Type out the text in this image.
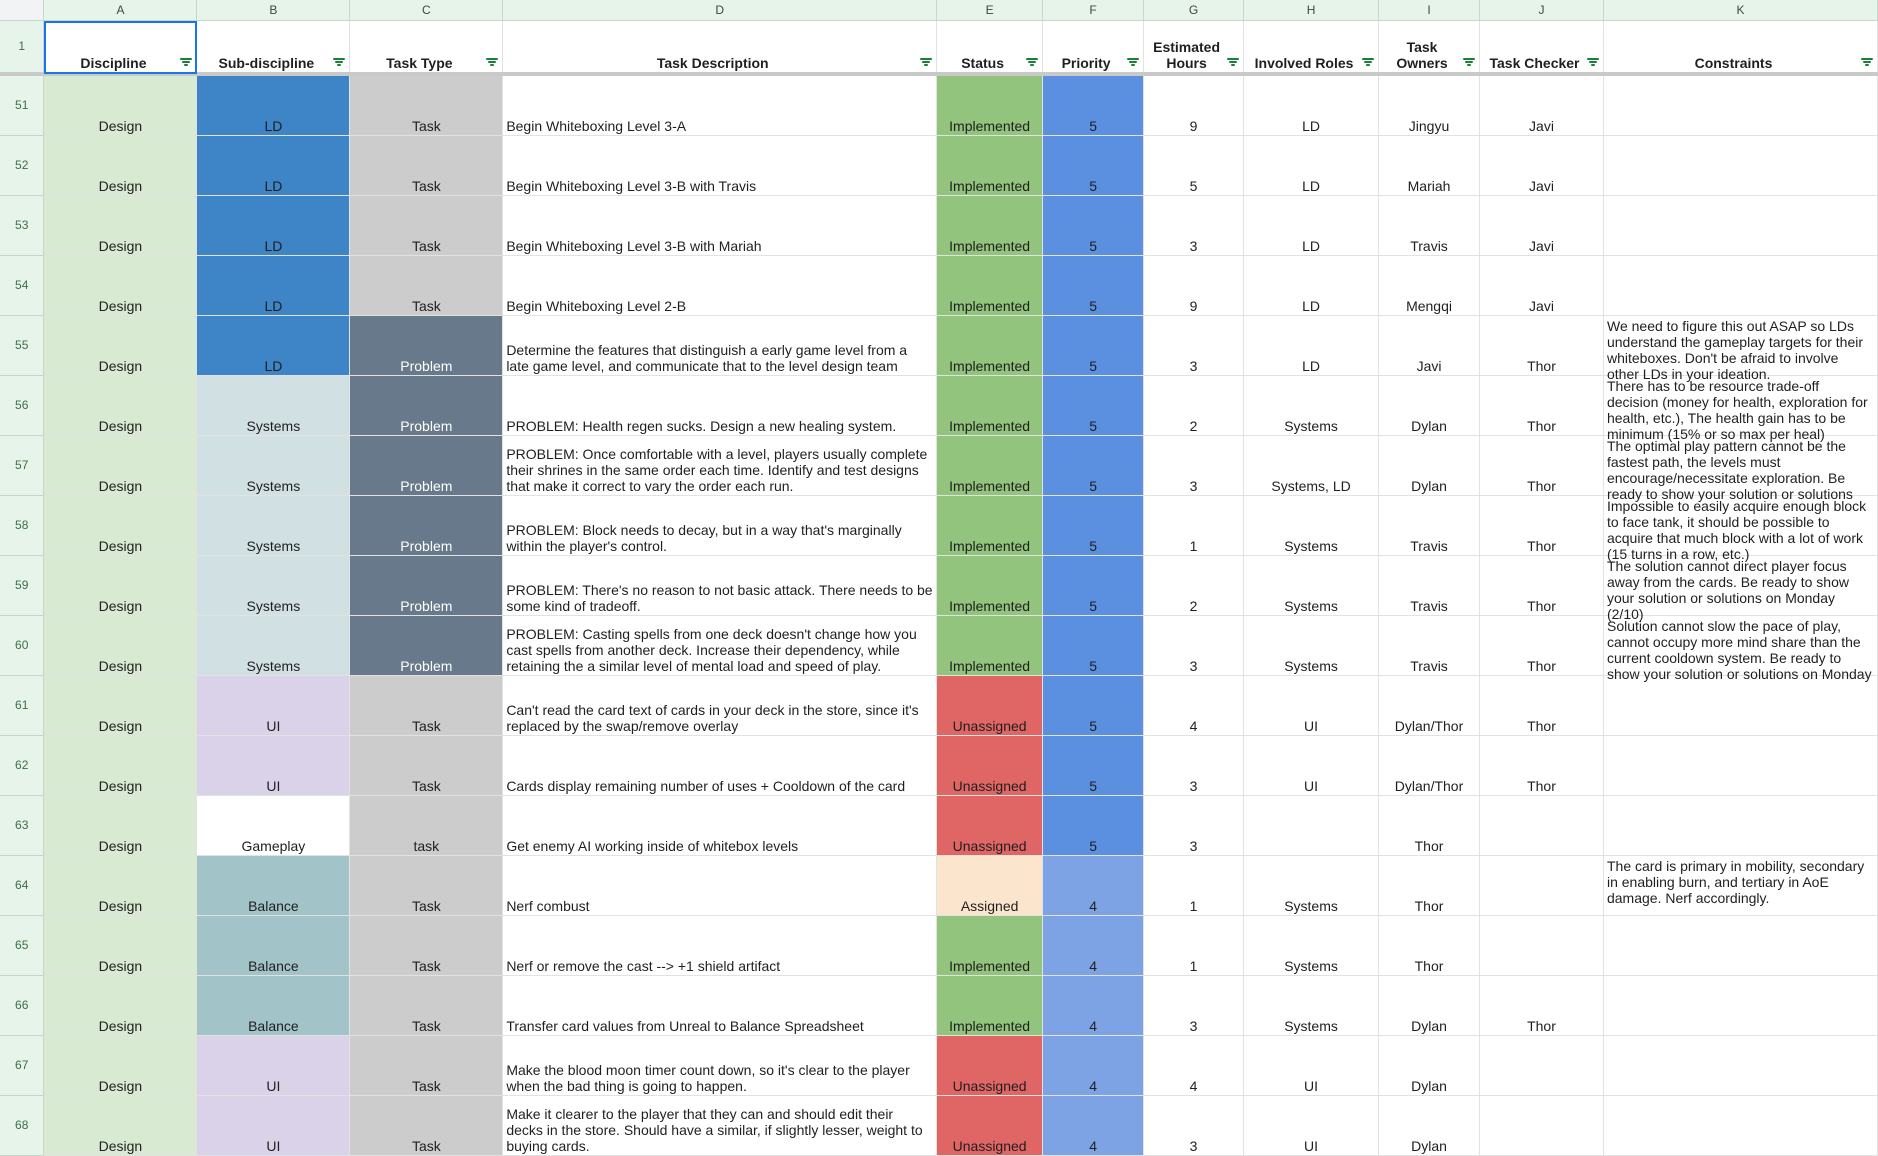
	A	B	C	D	E	F	G	H	I	J	K
1	Discipline	Sub-discipline	Task Type	Task Description	Status	Priority	Estimated Hours	Involved Roles	Task Owners	Task Checker	Constraints

51	Design	LD	Task	Begin Whiteboxing Level 3-A	Implemented	5	9	LD	Jingyu	Javi	

52	Design	LD	Task	Begin Whiteboxing Level 3-B with Travis	Implemented	5	5	LD	Mariah	Javi	

53	Design	LD	Task	Begin Whiteboxing Level 3-B with Mariah	Implemented	5	3	LD	Travis	Javi	

54	Design	LD	Task	Begin Whiteboxing Level 2-B	Implemented	5	9	LD	Mengqi	Javi	

55	Design	LD	Problem	Determine the features that distinguish a early game level from a late game level, and communicate that to the level design team	Implemented	5	3	LD	Javi	Thor	We need to figure this out ASAP so LDs understand the gameplay targets for their whiteboxes. Don't be afraid to involve other LDs in your ideation.

56	Design	Systems	Problem	PROBLEM: Health regen sucks. Design a new healing system.	Implemented	5	2	Systems	Dylan	Thor	There has to be resource trade-off decision (money for health, exploration for health, etc.), The health gain has to be minimum (15% or so max per heal)

57	Design	Systems	Problem	PROBLEM: Once comfortable with a level, players usually complete their shrines in the same order each time. Identify and test designs that make it correct to vary the order each run.	Implemented	5	3	Systems, LD	Dylan	Thor	The optimal play pattern cannot be the fastest path, the levels must encourage/necessitate exploration. Be ready to show your solution or solutions

58	Design	Systems	Problem	PROBLEM: Block needs to decay, but in a way that's marginally within the player's control.	Implemented	5	1	Systems	Travis	Thor	Impossible to easily acquire enough block to face tank, it should be possible to acquire that much block with a lot of work (15 turns in a row, etc.)

59	Design	Systems	Problem	PROBLEM: There's no reason to not basic attack. There needs to be some kind of tradeoff.	Implemented	5	2	Systems	Travis	Thor	The solution cannot direct player focus away from the cards. Be ready to show your solution or solutions on Monday (2/10)

60	Design	Systems	Problem	PROBLEM: Casting spells from one deck doesn't change how you cast spells from another deck. Increase their dependency, while retaining the a similar level of mental load and speed of play.	Implemented	5	3	Systems	Travis	Thor	Solution cannot slow the pace of play, cannot occupy more mind share than the current cooldown system. Be ready to show your solution or solutions on Monday

61	Design	UI	Task	Can't read the card text of cards in your deck in the store, since it's replaced by the swap/remove overlay	Unassigned	5	4	UI	Dylan/Thor	Thor	

62	Design	UI	Task	Cards display remaining number of uses + Cooldown of the card	Unassigned	5	3	UI	Dylan/Thor	Thor	

63	Design	Gameplay	task	Get enemy AI working inside of whitebox levels	Unassigned	5	3		Thor		

64	Design	Balance	Task	Nerf combust	Assigned	4	1	Systems	Thor		The card is primary in mobility, secondary in enabling burn, and tertiary in AoE damage. Nerf accordingly.

65	Design	Balance	Task	Nerf or remove the cast --> +1 shield artifact	Implemented	4	1	Systems	Thor		

66	Design	Balance	Task	Transfer card values from Unreal to Balance Spreadsheet	Implemented	4	3	Systems	Dylan	Thor	

67	Design	UI	Task	Make the blood moon timer count down, so it's clear to the player when the bad thing is going to happen.	Unassigned	4	4	UI	Dylan		

68	Design	UI	Task	Make it clearer to the player that they can and should edit their decks in the store. Should have a similar, if slightly lesser, weight to buying cards.	Unassigned	4	3	UI	Dylan		
